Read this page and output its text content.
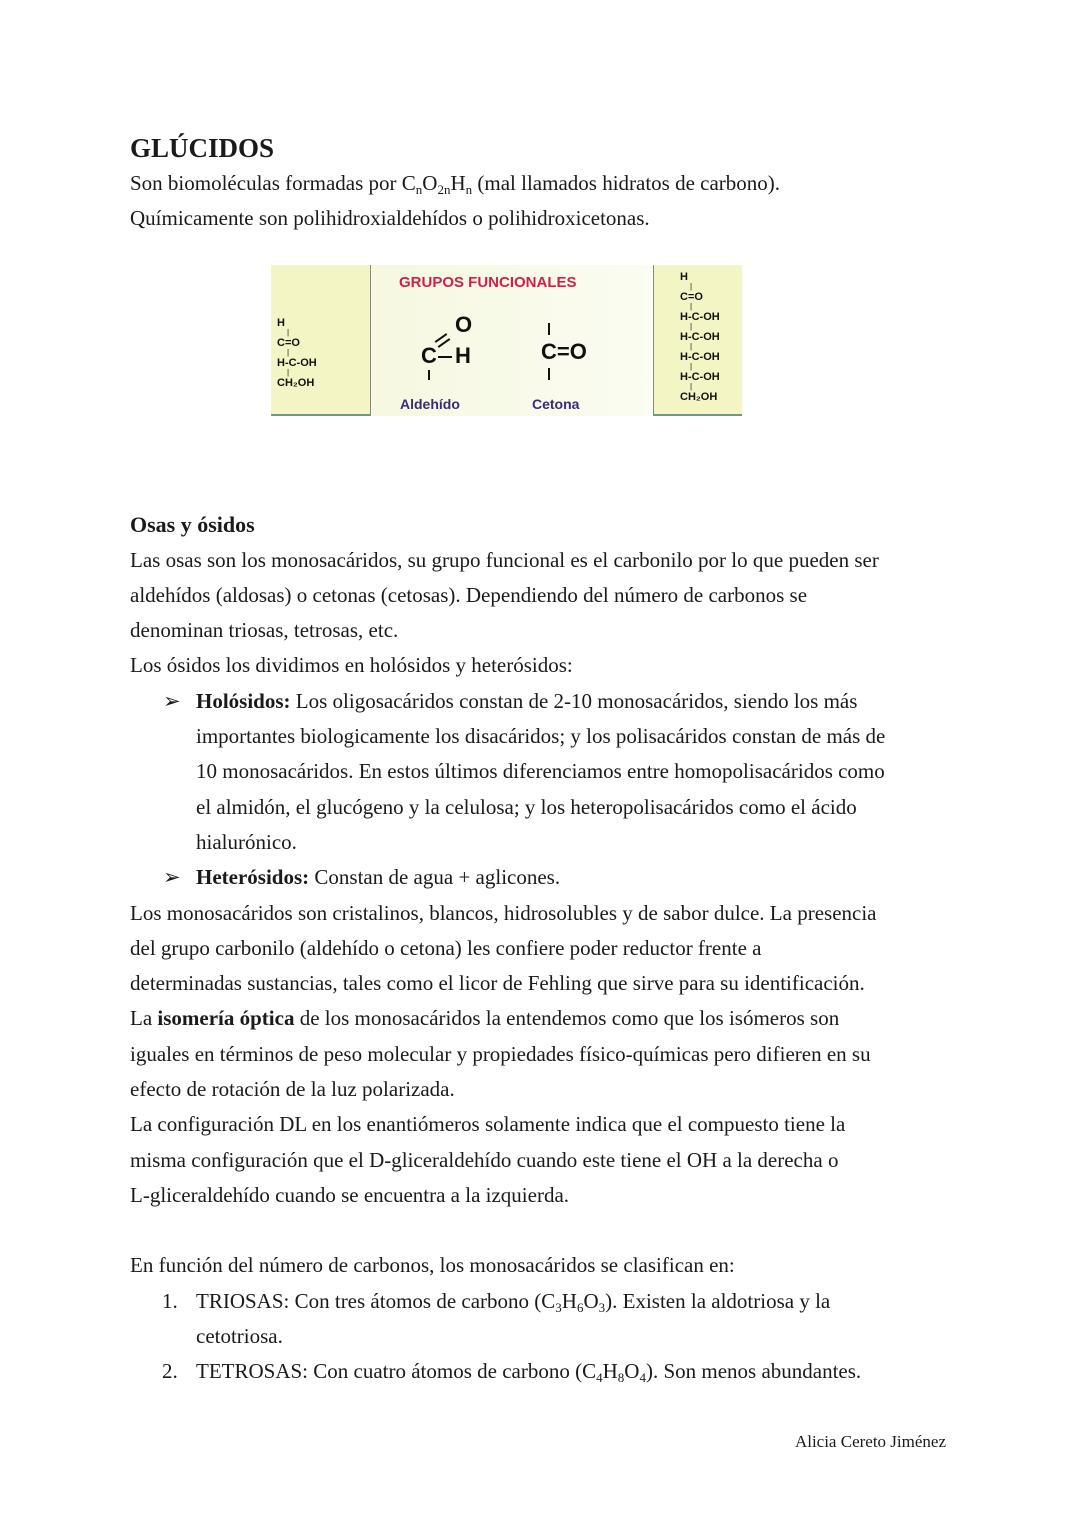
H
|
C=O
|
H-C-OH
|
CH₂OH
GRUPOS FUNCIONALES
C
O
H	C=O
Aldehído	Cetona
H
|
C=O
|
H-C-OH
|
H-C-OH
|
H-C-OH
|
H-C-OH
|
CH₂OH
GLÚCIDOS
Son biomoléculas formadas por $C_nO_{2n}H_n$ (mal llamados hidratos de carbono).
Químicamente son polihidroxialdehídos o polihidroxicetonas.
Osas y ósidos
Las osas son los monosacáridos, su grupo funcional es el carbonilo por lo que pueden ser
aldehídos (aldosas) o cetonas (cetosas). Dependiendo del número de carbonos se
denominan triosas, tetrosas, etc.
Los ósidos los dividimos en holósidos y heterósidos:
➢ Holósidos: Los oligosacáridos constan de 2-10 monosacáridos, siendo los más
importantes biologicamente los disacáridos; y los polisacáridos constan de más de
10 monosacáridos. En estos últimos diferenciamos entre homopolisacáridos como
el almidón, el glucógeno y la celulosa; y los heteropolisacáridos como el ácido
hialurónico.
➢ Heterósidos: Constan de agua + aglicones.
Los monosacáridos son cristalinos, blancos, hidrosolubles y de sabor dulce. La presencia
del grupo carbonilo (aldehído o cetona) les confiere poder reductor frente a
determinadas sustancias, tales como el licor de Fehling que sirve para su identificación.
La isomería óptica de los monosacáridos la entendemos como que los isómeros son
iguales en términos de peso molecular y propiedades físico-químicas pero difieren en su
efecto de rotación de la luz polarizada.
La configuración DL en los enantiómeros solamente indica que el compuesto tiene la
misma configuración que el D-gliceraldehído cuando este tiene el OH a la derecha o
L-gliceraldehído cuando se encuentra a la izquierda.
En función del número de carbonos, los monosacáridos se clasifican en:
1. TRIOSAS: Con tres átomos de carbono $(C_3H_6O_3)$. Existen la aldotriosa y la
cetotriosa.
2. TETROSAS: Con cuatro átomos de carbono $(C_4H_8O_4)$. Son menos abundantes.
Alicia Cereto Jiménez
